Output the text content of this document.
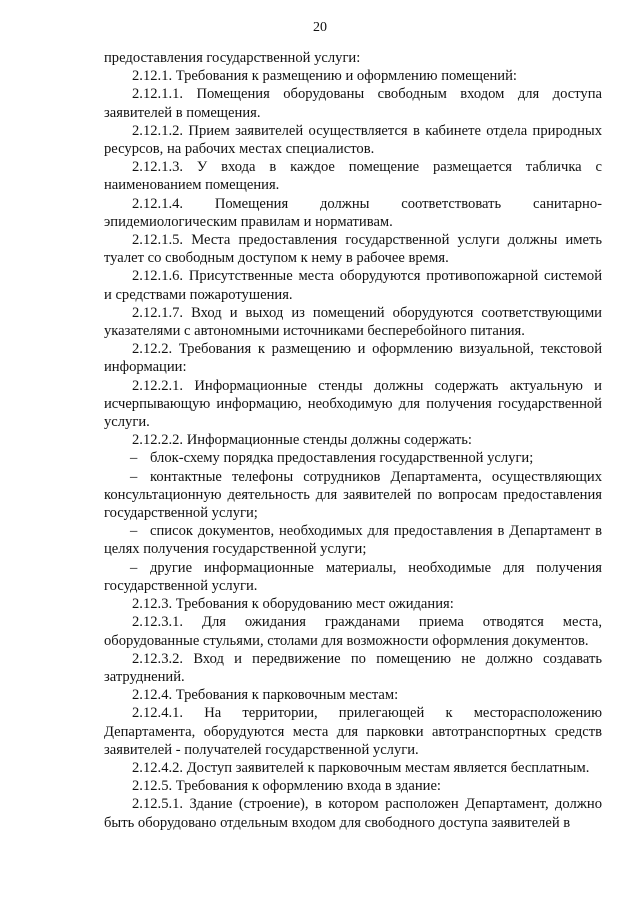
20

предоставления государственной услуги:

2.12.1. Требования к размещению и оформлению помещений:

2.12.1.1. Помещения оборудованы свободным входом для доступа заявителей в помещения.

2.12.1.2. Прием заявителей осуществляется в кабинете отдела природных ресурсов, на рабочих местах специалистов.

2.12.1.3. У входа в каждое помещение размещается табличка с наименованием помещения.

2.12.1.4. Помещения должны соответствовать санитарно-эпидемиологическим правилам и нормативам.

2.12.1.5. Места предоставления государственной услуги должны иметь туалет со свободным доступом к нему в рабочее время.

2.12.1.6. Присутственные места оборудуются противопожарной системой и средствами пожаротушения.

2.12.1.7. Вход и выход из помещений оборудуются соответствующими указателями с автономными источниками бесперебойного питания.

2.12.2. Требования к размещению и оформлению визуальной, текстовой информации:

2.12.2.1. Информационные стенды должны содержать актуальную и исчерпывающую информацию, необходимую для получения государственной услуги.

2.12.2.2. Информационные стенды должны содержать:

– блок-схему порядка предоставления государственной услуги;

– контактные телефоны сотрудников Департамента, осуществляющих консультационную деятельность для заявителей по вопросам предоставления государственной услуги;

– список документов, необходимых для предоставления в Департамент в целях получения государственной услуги;

– другие информационные материалы, необходимые для получения государственной услуги.

2.12.3. Требования к оборудованию мест ожидания:

2.12.3.1. Для ожидания гражданами приема отводятся места, оборудованные стульями, столами для возможности оформления документов.

2.12.3.2. Вход и передвижение по помещению не должно создавать затруднений.

2.12.4. Требования к парковочным местам:

2.12.4.1. На территории, прилегающей к месторасположению Департамента, оборудуются места для парковки автотранспортных средств заявителей - получателей государственной услуги.

2.12.4.2. Доступ заявителей к парковочным местам является бесплатным.

2.12.5. Требования к оформлению входа в здание:

2.12.5.1. Здание (строение), в котором расположен Департамент, должно быть оборудовано отдельным входом для свободного доступа заявителей в
